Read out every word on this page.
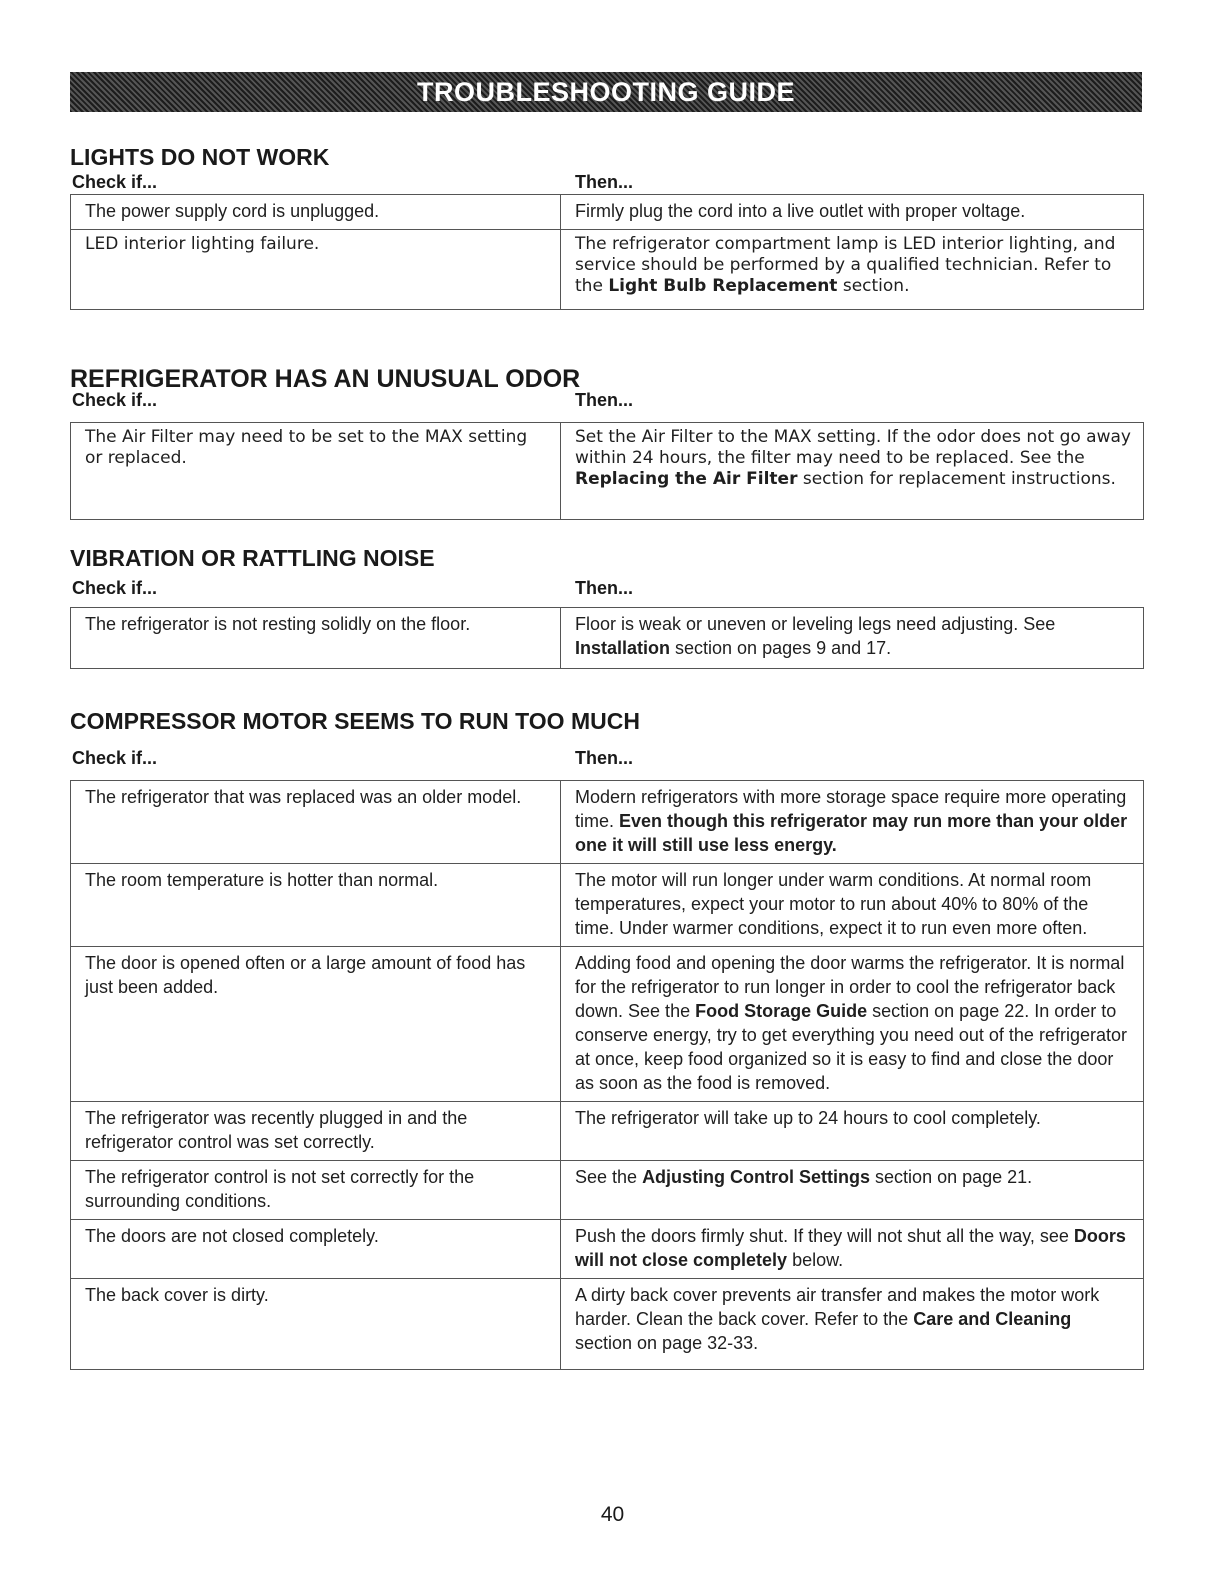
TROUBLESHOOTING GUIDE
LIGHTS DO NOT WORK
Check if...	Then...
The power supply cord is unplugged.	Firmly plug the cord into a live outlet with proper voltage.
LED interior lighting failure.	The refrigerator compartment lamp is LED interior lighting, and service should be performed by a qualified technician. Refer to the Light Bulb Replacement section.
REFRIGERATOR HAS AN UNUSUAL ODOR
Check if...	Then...
The Air Filter may need to be set to the MAX setting or replaced.	Set the Air Filter to the MAX setting. If the odor does not go away within 24 hours, the filter may need to be replaced. See the Replacing the Air Filter section for replacement instructions.
VIBRATION OR RATTLING NOISE
Check if...	Then...
The refrigerator is not resting solidly on the floor.	Floor is weak or uneven or leveling legs need adjusting. See Installation section on pages 9 and 17.
COMPRESSOR MOTOR SEEMS TO RUN TOO MUCH
Check if...	Then...
The refrigerator that was replaced was an older model.	Modern refrigerators with more storage space require more operating time. Even though this refrigerator may run more than your older one it will still use less energy.
The room temperature is hotter than normal.	The motor will run longer under warm conditions. At normal room temperatures, expect your motor to run about 40% to 80% of the time. Under warmer conditions, expect it to run even more often.
The door is opened often or a large amount of food has just been added.	Adding food and opening the door warms the refrigerator. It is normal for the refrigerator to run longer in order to cool the refrigerator back down. See the Food Storage Guide section on page 22. In order to conserve energy, try to get everything you need out of the refrigerator at once, keep food organized so it is easy to find and close the door as soon as the food is removed.
The refrigerator was recently plugged in and the refrigerator control was set correctly.	The refrigerator will take up to 24 hours to cool completely.
The refrigerator control is not set correctly for the surrounding conditions.	See the Adjusting Control Settings section on page 21.
The doors are not closed completely.	Push the doors firmly shut. If they will not shut all the way, see Doors will not close completely below.
The back cover is dirty.	A dirty back cover prevents air transfer and makes the motor work harder. Clean the back cover. Refer to the Care and Cleaning section on page 32-33.
40
